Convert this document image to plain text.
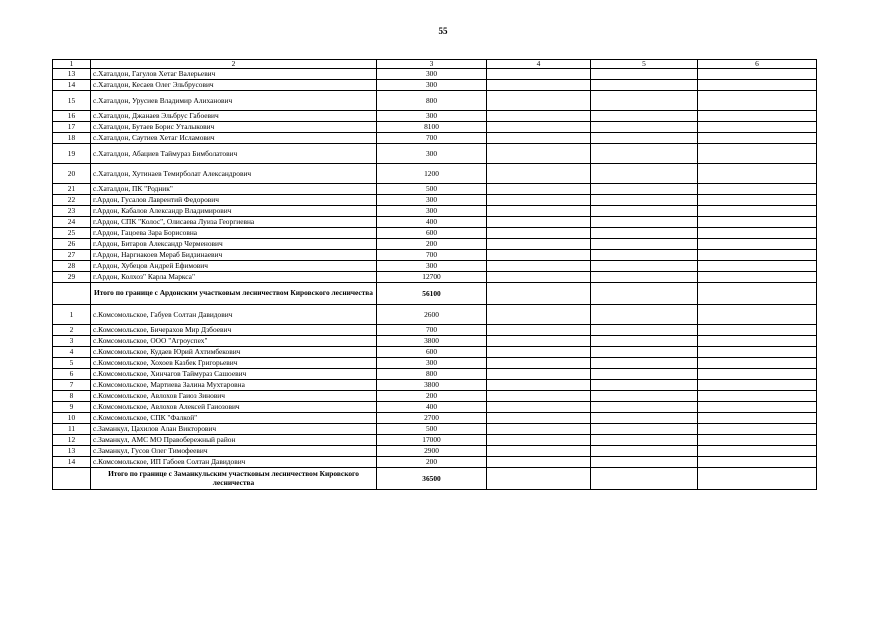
55
1	2	3	4	5	6
13	с.Хаталдон, Гагулов Хетаг Валерьевич	300			
14	с.Хаталдон, Кесаев Олег Эльбрусович	300			
15	с.Хаталдон, Урусиев Владимир Алиханович	800			
16	с.Хаталдон, Джанаев Эльбрус Габоевич	300			
17	с.Хаталдон, Бутаев Борис Уталыкович	8100			
18	с.Хаталдон, Саутиев Хетаг Исламович	700			
19	с.Хаталдон, Абациев Таймураз Бимболатович	300			
20	с.Хаталдон, Хутинаев Темирболат Александрович	1200			
21	с.Хаталдон, ПК "Родник"	500			
22	г.Ардон, Гусалов Лаврентий Федорович	300			
23	г.Ардон, Кабалов Александр Владимирович	300			
24	г.Ардон, СПК "Колос", Олисаева Луиза Георгиевна	400			
25	г.Ардон, Гацоева Зара Борисовна	600			
26	г.Ардон, Битаров Александр Черменович	200			
27	г.Ардон, Наргиакоев Мераб Бидзинаевич	700			
28	г.Ардон, Хубецов Андрей Ефимович	300			
29	г.Ардон, Колхоз" Карла Маркса"	12700			
	Итого по границе с Ардонским участковым лесничеством Кировского лесничества	56100			
1	с.Комсомольское, Габуев Солтан Давидович	2600			
2	с.Комсомольское, Бичерахов Мир Дзбоевич	700			
3	с.Комсомольское, ООО "Агроуспех"	3800			
4	с.Комсомольское, Кудаев Юрий Ахтимбекович	600			
5	с.Комсомольское, Хохоев Казбек Григорьевич	300			
6	с.Комсомольское, Хинчагов Таймураз Сашоевич	800			
7	с.Комсомольское, Мартиева Залина Мухтаровна	3800			
8	с.Комсомольское, Авлохов Гаиоз Зинович	200			
9	с.Комсомольское, Авлохов Алексей Гаиозович	400			
10	с.Комсомольское, СПК "Фалкой"	2700			
11	с.Заманкул, Цахилов Алан Викторович	500			
12	с.Заманкул, АМС МО Правобережный район	17000			
13	с.Заманкул, Гусов Олег Тимофеевич	2900			
14	с.Комсомольское, ИП Габоев Солтан Давидович	200			
	Итого по границе с Заманкульским участковым лесничеством Кировского лесничества	36500			
